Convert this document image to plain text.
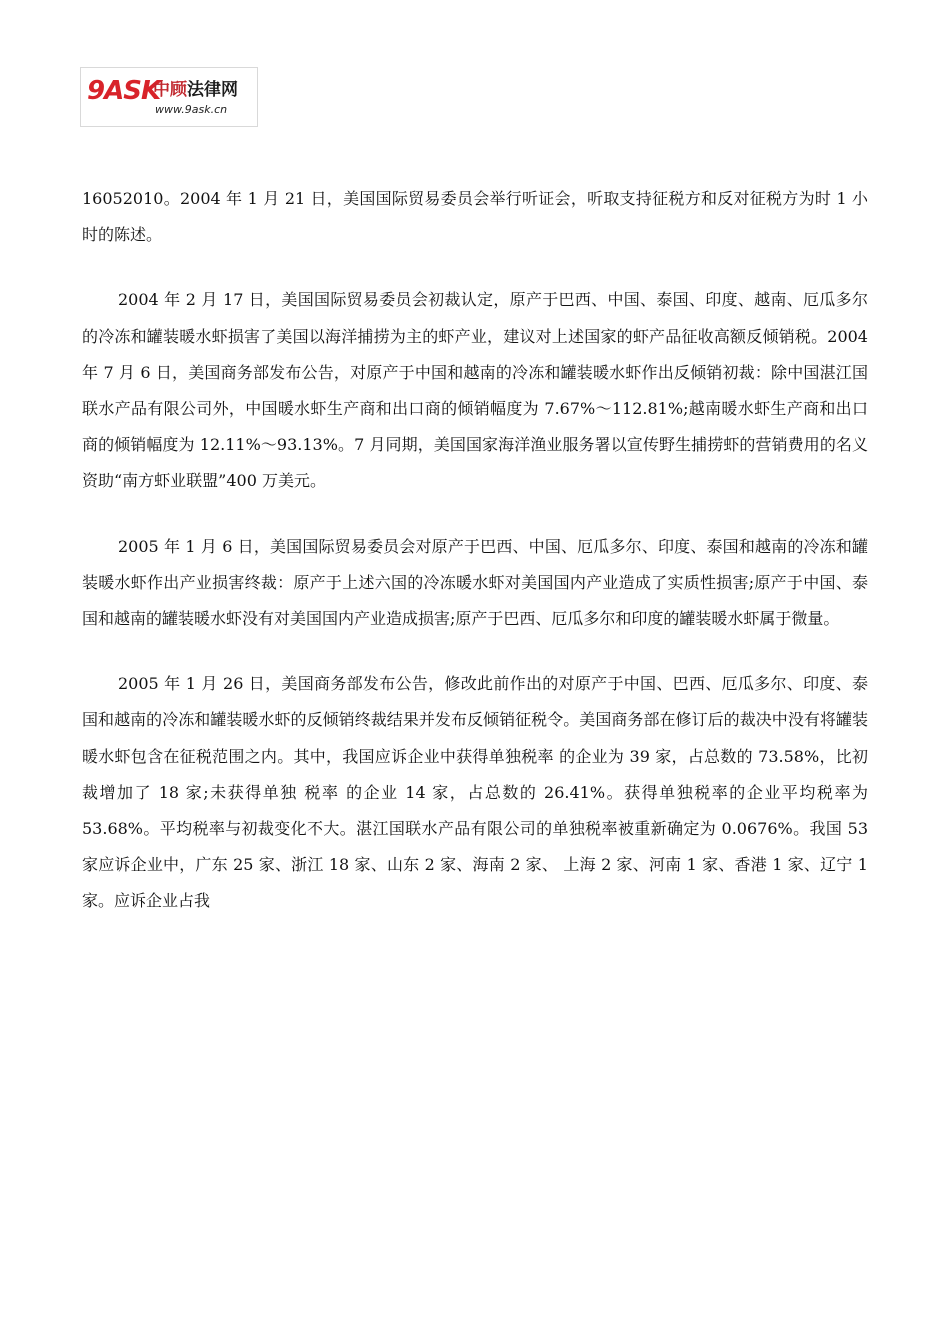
9ASK
中顾法律网
www.9ask.cn

16052010。2004 年 1 月 21 日，美国国际贸易委员会举行听证会，听取支持征税方和反对征税方为时 1 小时的陈述。

2004 年 2 月 17 日，美国国际贸易委员会初裁认定，原产于巴西、中国、泰国、印度、越南、厄瓜多尔的冷冻和罐装暖水虾损害了美国以海洋捕捞为主的虾产业，建议对上述国家的虾产品征收高额反倾销税。2004 年 7 月 6 日，美国商务部发布公告，对原产于中国和越南的冷冻和罐装暖水虾作出反倾销初裁：除中国湛江国联水产品有限公司外，中国暖水虾生产商和出口商的倾销幅度为 7.67%～112.81%;越南暖水虾生产商和出口商的倾销幅度为 12.11%～93.13%。7 月同期，美国国家海洋渔业服务署以宣传野生捕捞虾的营销费用的名义资助“南方虾业联盟”400 万美元。

2005 年 1 月 6 日，美国国际贸易委员会对原产于巴西、中国、厄瓜多尔、印度、泰国和越南的冷冻和罐装暖水虾作出产业损害终裁：原产于上述六国的冷冻暖水虾对美国国内产业造成了实质性损害;原产于中国、泰国和越南的罐装暖水虾没有对美国国内产业造成损害;原产于巴西、厄瓜多尔和印度的罐装暖水虾属于微量。

2005 年 1 月 26 日，美国商务部发布公告，修改此前作出的对原产于中国、巴西、厄瓜多尔、印度、泰国和越南的冷冻和罐装暖水虾的反倾销终裁结果并发布反倾销征税令。美国商务部在修订后的裁决中没有将罐装暖水虾包含在征税范围之内。其中，我国应诉企业中获得单独税率 的企业为 39 家，占总数的 73.58%，比初裁增加了 18 家;未获得单独 税率 的企业 14 家，占总数的 26.41%。获得单独税率的企业平均税率为 53.68%。平均税率与初裁变化不大。湛江国联水产品有限公司的单独税率被重新确定为 0.0676%。我国 53 家应诉企业中，广东 25 家、浙江 18 家、山东 2 家、海南 2 家、 上海 2 家、河南 1 家、香港 1 家、辽宁 1 家。应诉企业占我
